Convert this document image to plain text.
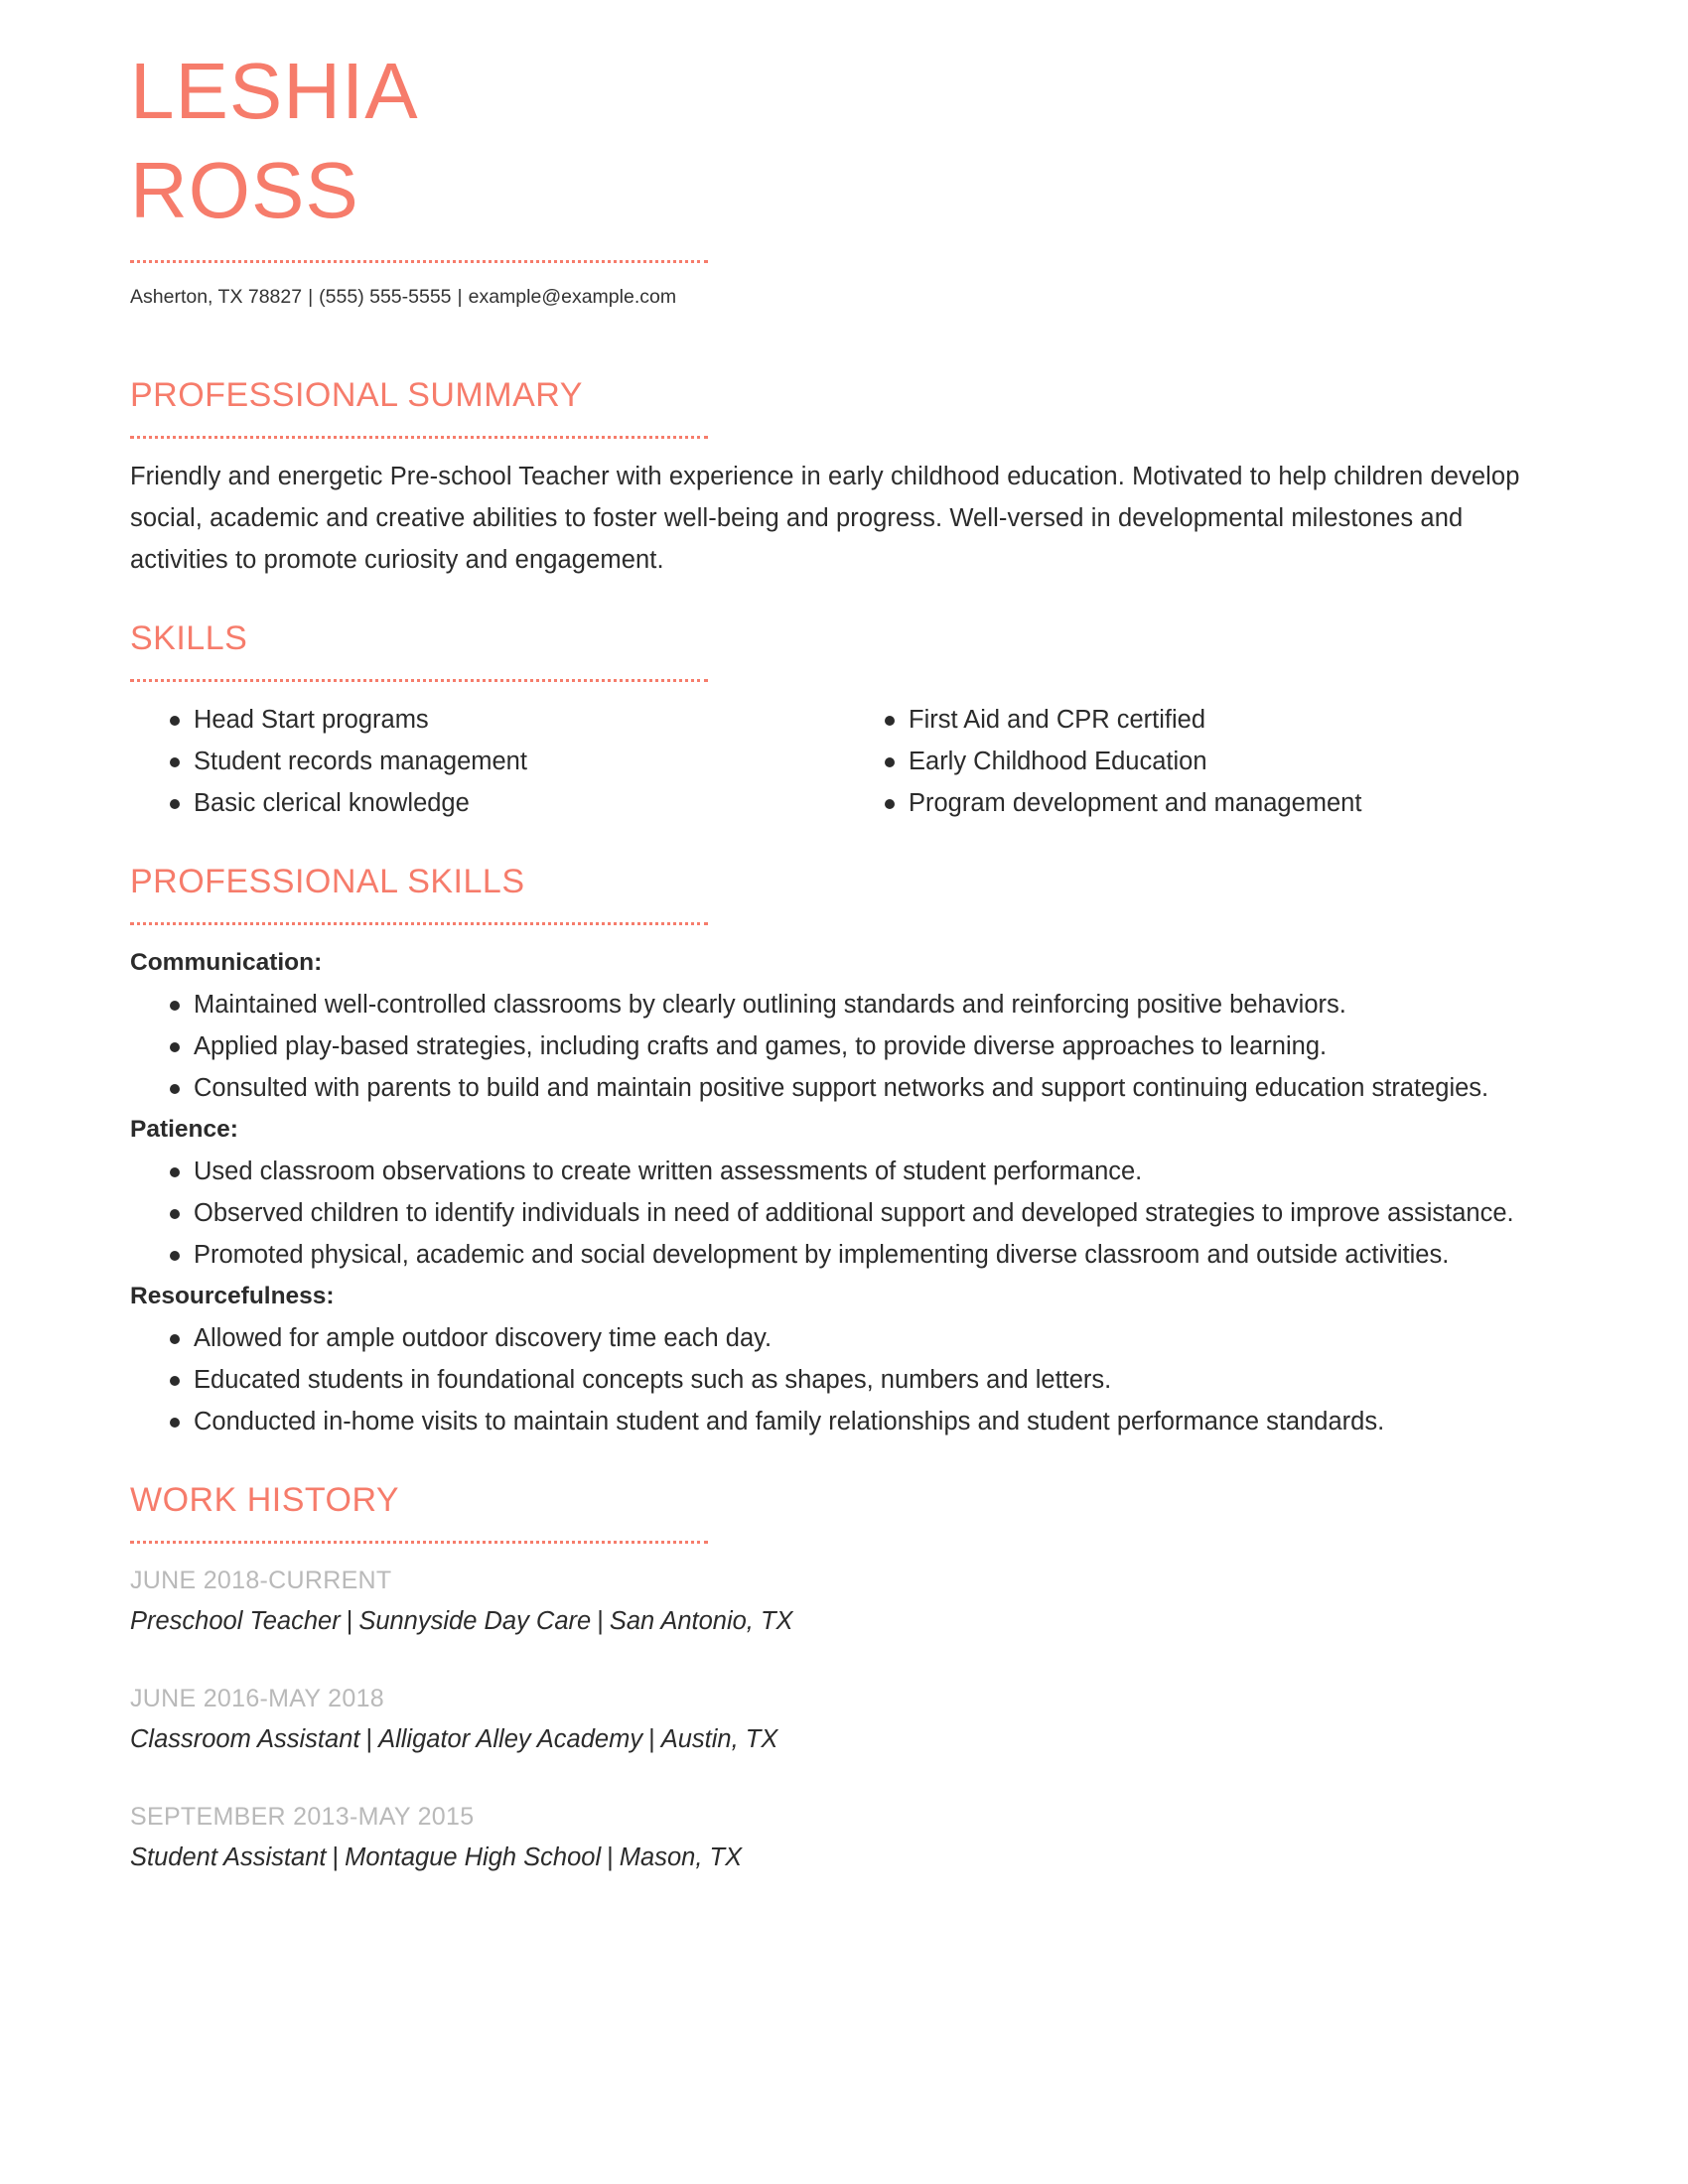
LESHIA
ROSS
Asherton, TX 78827 | (555) 555-5555 | example@example.com
PROFESSIONAL SUMMARY

Friendly and energetic Pre-school Teacher with experience in early childhood education. Motivated to help children develop social, academic and creative abilities to foster well-being and progress. Well-versed in developmental milestones and activities to promote curiosity and engagement.

SKILLS
Head Start programs
Student records management
Basic clerical knowledge
First Aid and CPR certified
Early Childhood Education
Program development and management
PROFESSIONAL SKILLS
Communication:
Maintained well-controlled classrooms by clearly outlining standards and reinforcing positive behaviors.
Applied play-based strategies, including crafts and games, to provide diverse approaches to learning.
Consulted with parents to build and maintain positive support networks and support continuing education strategies.
Patience:
Used classroom observations to create written assessments of student performance.
Observed children to identify individuals in need of additional support and developed strategies to improve assistance.
Promoted physical, academic and social development by implementing diverse classroom and outside activities.
Resourcefulness:
Allowed for ample outdoor discovery time each day.
Educated students in foundational concepts such as shapes, numbers and letters.
Conducted in-home visits to maintain student and family relationships and student performance standards.
WORK HISTORY
JUNE 2018-CURRENT
Preschool Teacher | Sunnyside Day Care | San Antonio, TX
JUNE 2016-MAY 2018
Classroom Assistant | Alligator Alley Academy | Austin, TX
SEPTEMBER 2013-MAY 2015
Student Assistant | Montague High School | Mason, TX
